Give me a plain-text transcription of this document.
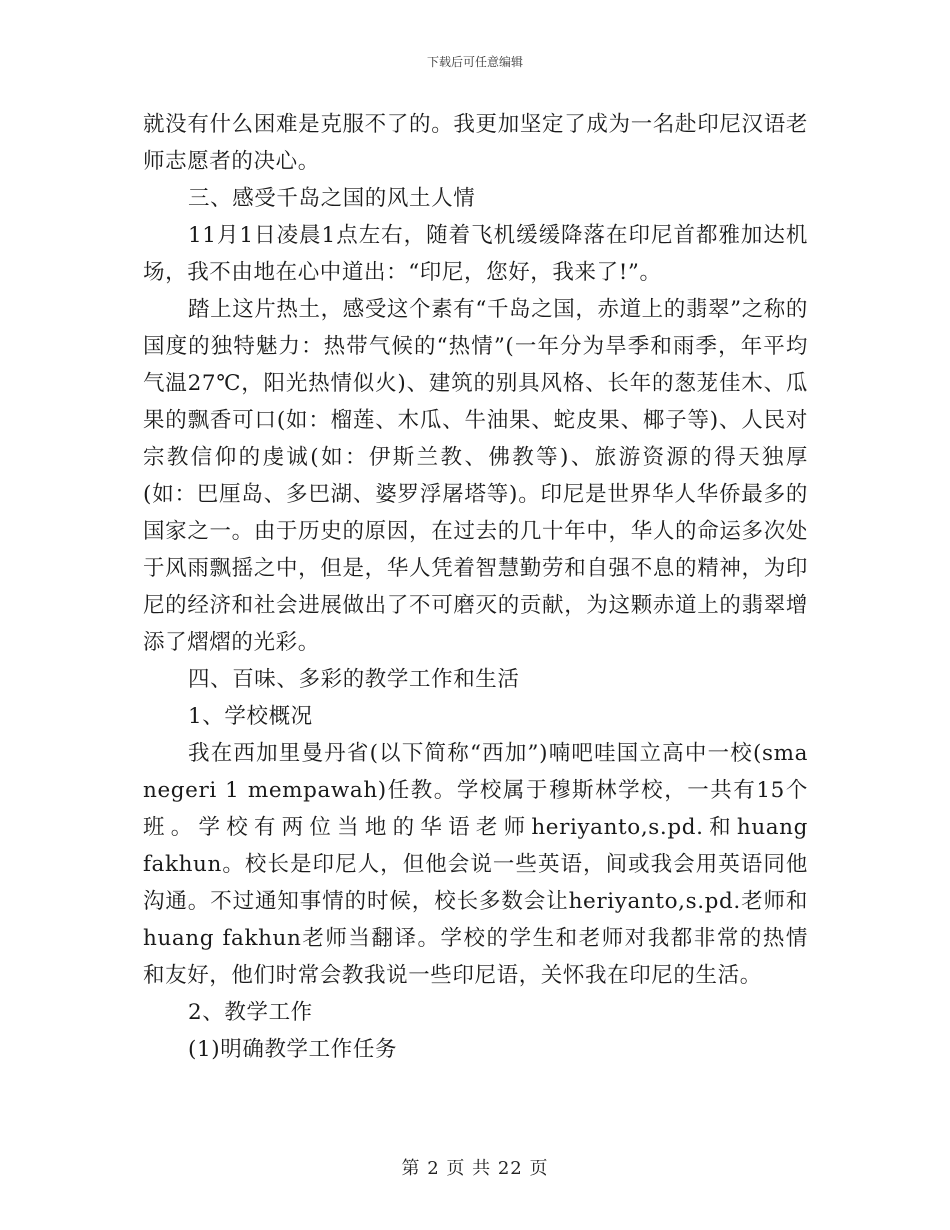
下载后可任意编辑

就没有什么困难是克服不了的。我更加坚定了成为一名赴印尼汉语老师志愿者的决心。

三、感受千岛之国的风土人情

11月1日凌晨1点左右，随着飞机缓缓降落在印尼首都雅加达机场，我不由地在心中道出：“印尼，您好，我来了!”。

踏上这片热土，感受这个素有“千岛之国，赤道上的翡翠”之称的国度的独特魅力：热带气候的“热情”(一年分为旱季和雨季，年平均气温27℃，阳光热情似火)、建筑的别具风格、长年的葱茏佳木、瓜果的飘香可口(如：榴莲、木瓜、牛油果、蛇皮果、椰子等)、人民对宗教信仰的虔诚(如：伊斯兰教、佛教等)、旅游资源的得天独厚(如：巴厘岛、多巴湖、婆罗浮屠塔等)。印尼是世界华人华侨最多的国家之一。由于历史的原因，在过去的几十年中，华人的命运多次处于风雨飘摇之中，但是，华人凭着智慧勤劳和自强不息的精神，为印尼的经济和社会进展做出了不可磨灭的贡献，为这颗赤道上的翡翠增添了熠熠的光彩。

四、百味、多彩的教学工作和生活

1、学校概况

我在西加里曼丹省(以下简称“西加”)喃吧哇国立高中一校(sma negeri 1 mempawah)任教。学校属于穆斯林学校，一共有15个班。学校有两位当地的华语老师heriyanto,s.pd.和huang fakhun。校长是印尼人，但他会说一些英语，间或我会用英语同他沟通。不过通知事情的时候，校长多数会让heriyanto,s.pd.老师和huang fakhun老师当翻译。学校的学生和老师对我都非常的热情和友好，他们时常会教我说一些印尼语，关怀我在印尼的生活。

2、教学工作

(1)明确教学工作任务

第 2 页 共 22 页
